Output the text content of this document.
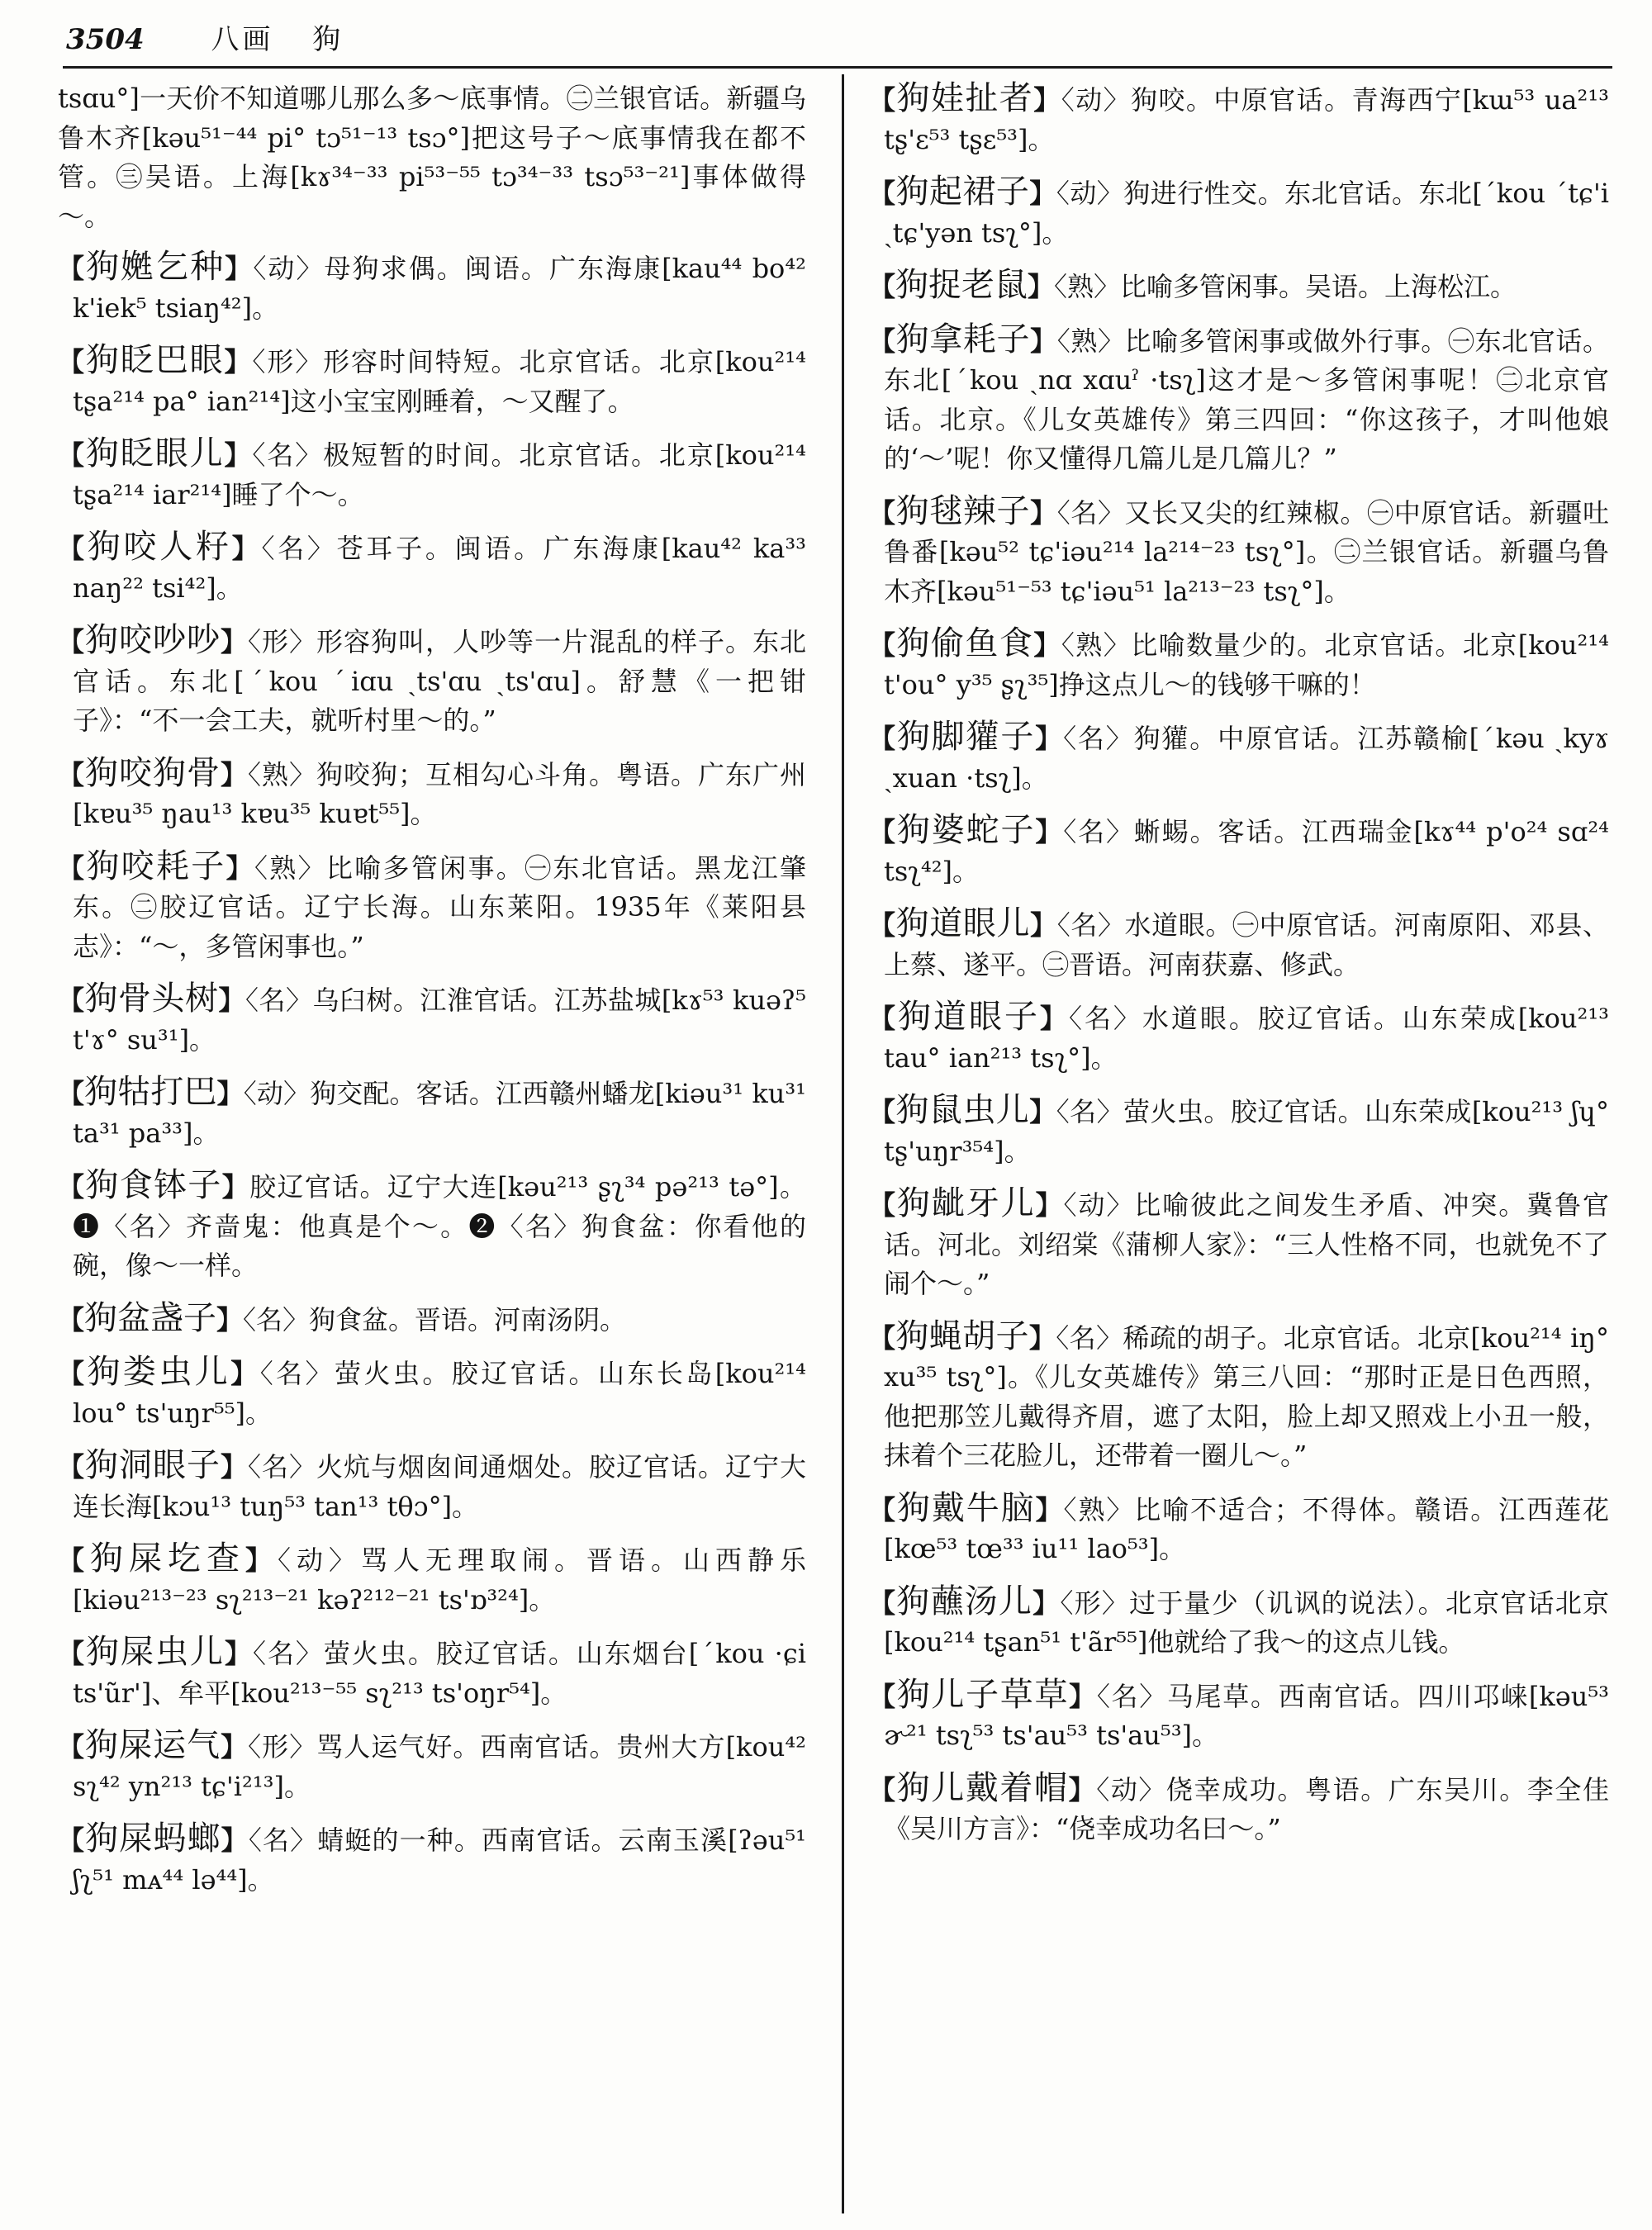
3504 八画 狗
tsɑu°]一天价不知道哪儿那么多～底事情。㊁兰银官话。新疆乌鲁木齐[kəu⁵¹⁻⁴⁴ pi° tɔ⁵¹⁻¹³ tsɔ°]把这号子～底事情我在都不管。㊂吴语。上海[kɤ³⁴⁻³³ pi⁵³⁻⁵⁵ tɔ³⁴⁻³³ tsɔ⁵³⁻²¹]事体做得～。
【狗嬎乞种】〈动〉母狗求偶。闽语。广东海康[kau⁴⁴ bo⁴² k'iek⁵ tsiaŋ⁴²]。
【狗眨巴眼】〈形〉形容时间特短。北京官话。北京[kou²¹⁴ tʂa²¹⁴ pa° ian²¹⁴]这小宝宝刚睡着，～又醒了。
【狗眨眼儿】〈名〉极短暂的时间。北京官话。北京[kou²¹⁴ tʂa²¹⁴ iar²¹⁴]睡了个～。
【狗咬人籽】〈名〉苍耳子。闽语。广东海康[kau⁴² ka³³ naŋ²² tsi⁴²]。
【狗咬吵吵】〈形〉形容狗叫，人吵等一片混乱的样子。东北官话。东北[ˊkou ˊiɑu ˏts'ɑu ˏts'ɑu]。舒慧《一把钳子》：“不一会工夫，就听村里～的。”
【狗咬狗骨】〈熟〉狗咬狗；互相勾心斗角。粤语。广东广州[kɐu³⁵ ŋau¹³ kɐu³⁵ kuɐt⁵⁵]。
【狗咬耗子】〈熟〉比喻多管闲事。㊀东北官话。黑龙江肇东。㊁胶辽官话。辽宁长海。山东莱阳。1935年《莱阳县志》：“～，多管闲事也。”
【狗骨头树】〈名〉乌臼树。江淮官话。江苏盐城[kɤ⁵³ kuəʔ⁵ t'ɤ° su³¹]。
【狗牯打巴】〈动〉狗交配。客话。江西赣州蟠龙[kiəu³¹ ku³¹ ta³¹ pa³³]。
【狗食钵子】胶辽官话。辽宁大连[kəu²¹³ ʂʅ³⁴ pə²¹³ tə°]。❶〈名〉齐啬鬼：他真是个～。❷〈名〉狗食盆：你看他的碗，像～一样。
【狗盆盏子】〈名〉狗食盆。晋语。河南汤阴。
【狗娄虫儿】〈名〉萤火虫。胶辽官话。山东长岛[kou²¹⁴ lou° ts'uŋr⁵⁵]。
【狗洞眼子】〈名〉火炕与烟囱间通烟处。胶辽官话。辽宁大连长海[kɔu¹³ tuŋ⁵³ tan¹³ tθɔ°]。
【狗屎圪查】〈动〉骂人无理取闹。晋语。山西静乐[kiəu²¹³⁻²³ sʅ²¹³⁻²¹ kəʔ²¹²⁻²¹ ts'ɒ³²⁴]。
【狗屎虫儿】〈名〉萤火虫。胶辽官话。山东烟台[ˊkou ·ɕi ts'ũr']、牟平[kou²¹³⁻⁵⁵ sʅ²¹³ ts'oŋr⁵⁴]。
【狗屎运气】〈形〉骂人运气好。西南官话。贵州大方[kou⁴² sʅ⁴² yn²¹³ tɕ'i²¹³]。
【狗屎蚂螂】〈名〉蜻蜓的一种。西南官话。云南玉溪[ʔəu⁵¹ ʃʅ⁵¹ mᴀ⁴⁴ lə⁴⁴]。
【狗娃扯者】〈动〉狗咬。中原官话。青海西宁[kɯ⁵³ ua²¹³ tʂ'ɛ⁵³ tʂɛ⁵³]。
【狗起裙子】〈动〉狗进行性交。东北官话。东北[ˊkou ˊtɕ'i ˏtɕ'yən tsʅ°]。
【狗捉老鼠】〈熟〉比喻多管闲事。吴语。上海松江。
【狗拿耗子】〈熟〉比喻多管闲事或做外行事。㊀东北官话。东北[ˊkou ˏnɑ xɑuˀ ·tsʅ]这才是～多管闲事呢！㊁北京官话。北京。《儿女英雄传》第三四回：“你这孩子，才叫他娘的‘～’呢！你又懂得几篇儿是几篇儿？”
【狗毬辣子】〈名〉又长又尖的红辣椒。㊀中原官话。新疆吐鲁番[kəu⁵² tɕ'iəu²¹⁴ la²¹⁴⁻²³ tsʅ°]。㊁兰银官话。新疆乌鲁木齐[kəu⁵¹⁻⁵³ tɕ'iəu⁵¹ la²¹³⁻²³ tsʅ°]。
【狗偷鱼食】〈熟〉比喻数量少的。北京官话。北京[kou²¹⁴ t'ou° y³⁵ ʂʅ³⁵]挣这点儿～的钱够干嘛的！
【狗脚獾子】〈名〉狗獾。中原官话。江苏赣榆[ˊkəu ˏkyɤ ˏxuan ·tsʅ]。
【狗婆蛇子】〈名〉蜥蜴。客话。江西瑞金[kɤ⁴⁴ p'o²⁴ sɑ²⁴ tsʅ⁴²]。
【狗道眼儿】〈名〉水道眼。㊀中原官话。河南原阳、邓县、上蔡、遂平。㊁晋语。河南获嘉、修武。
【狗道眼子】〈名〉水道眼。胶辽官话。山东荣成[kou²¹³ tau° ian²¹³ tsʅ°]。
【狗鼠虫儿】〈名〉萤火虫。胶辽官话。山东荣成[kou²¹³ ʃɥ° tʂ'uŋr³⁵⁴]。
【狗龇牙儿】〈动〉比喻彼此之间发生矛盾、冲突。冀鲁官话。河北。刘绍棠《蒲柳人家》：“三人性格不同，也就免不了闹个～。”
【狗蝇胡子】〈名〉稀疏的胡子。北京官话。北京[kou²¹⁴ iŋ° xu³⁵ tsʅ°]。《儿女英雄传》第三八回：“那时正是日色西照，他把那笠儿戴得齐眉，遮了太阳，脸上却又照戏上小丑一般，抹着个三花脸儿，还带着一圈儿～。”
【狗戴牛脑】〈熟〉比喻不适合；不得体。赣语。江西莲花[kœ⁵³ tœ³³ iu¹¹ lao⁵³]。
【狗蘸汤儿】〈形〉过于量少（讥讽的说法）。北京官话北京[kou²¹⁴ tʂan⁵¹ t'ãr⁵⁵]他就给了我～的这点儿钱。
【狗儿子草草】〈名〉马尾草。西南官话。四川邛崃[kəu⁵³ ɚ²¹ tsʅ⁵³ ts'au⁵³ ts'au⁵³]。
【狗儿戴着帽】〈动〉侥幸成功。粤语。广东吴川。李全佳《吴川方言》：“侥幸成功名曰～。”
